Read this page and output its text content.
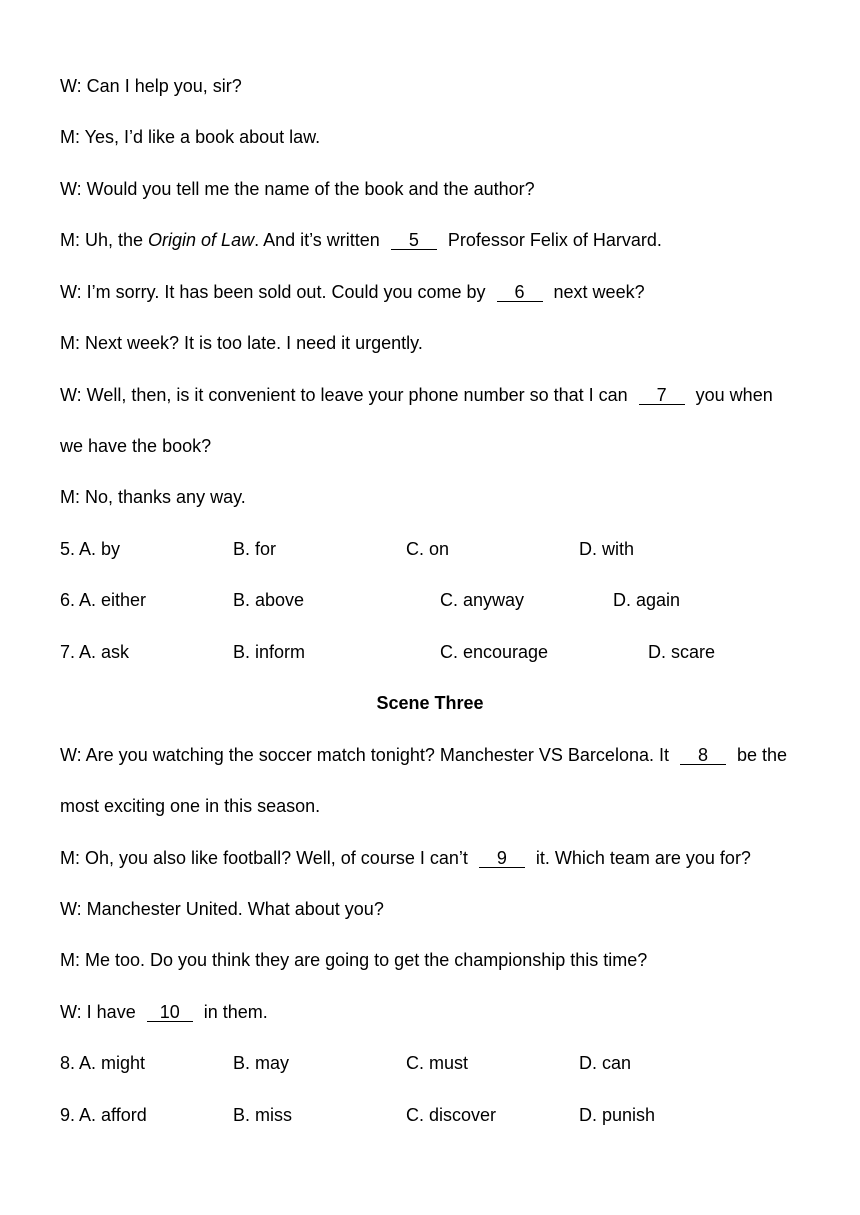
W: Can I help you, sir?
M: Yes, I’d like a book about law.
W: Would you tell me the name of the book and the author?
M: Uh, the Origin of Law. And it’s written 5 Professor Felix of Harvard.
W: I’m sorry. It has been sold out. Could you come by 6 next week?
M: Next week? It is too late. I need it urgently.
W: Well, then, is it convenient to leave your phone number so that I can 7 you when
we have the book?
M: No, thanks any way.
5. A. by	B. for	C. on	D. with
6. A. either	B. above	C. anyway	D. again
7. A. ask	B. inform	C. encourage	D. scare
Scene Three
W: Are you watching the soccer match tonight? Manchester VS Barcelona. It 8 be the
most exciting one in this season.
M: Oh, you also like football? Well, of course I can’t 9 it. Which team are you for?
W: Manchester United. What about you?
M: Me too. Do you think they are going to get the championship this time?
W: I have 10 in them.
8. A. might	B. may	C. must	D. can
9. A. afford	B. miss	C. discover	D. punish
